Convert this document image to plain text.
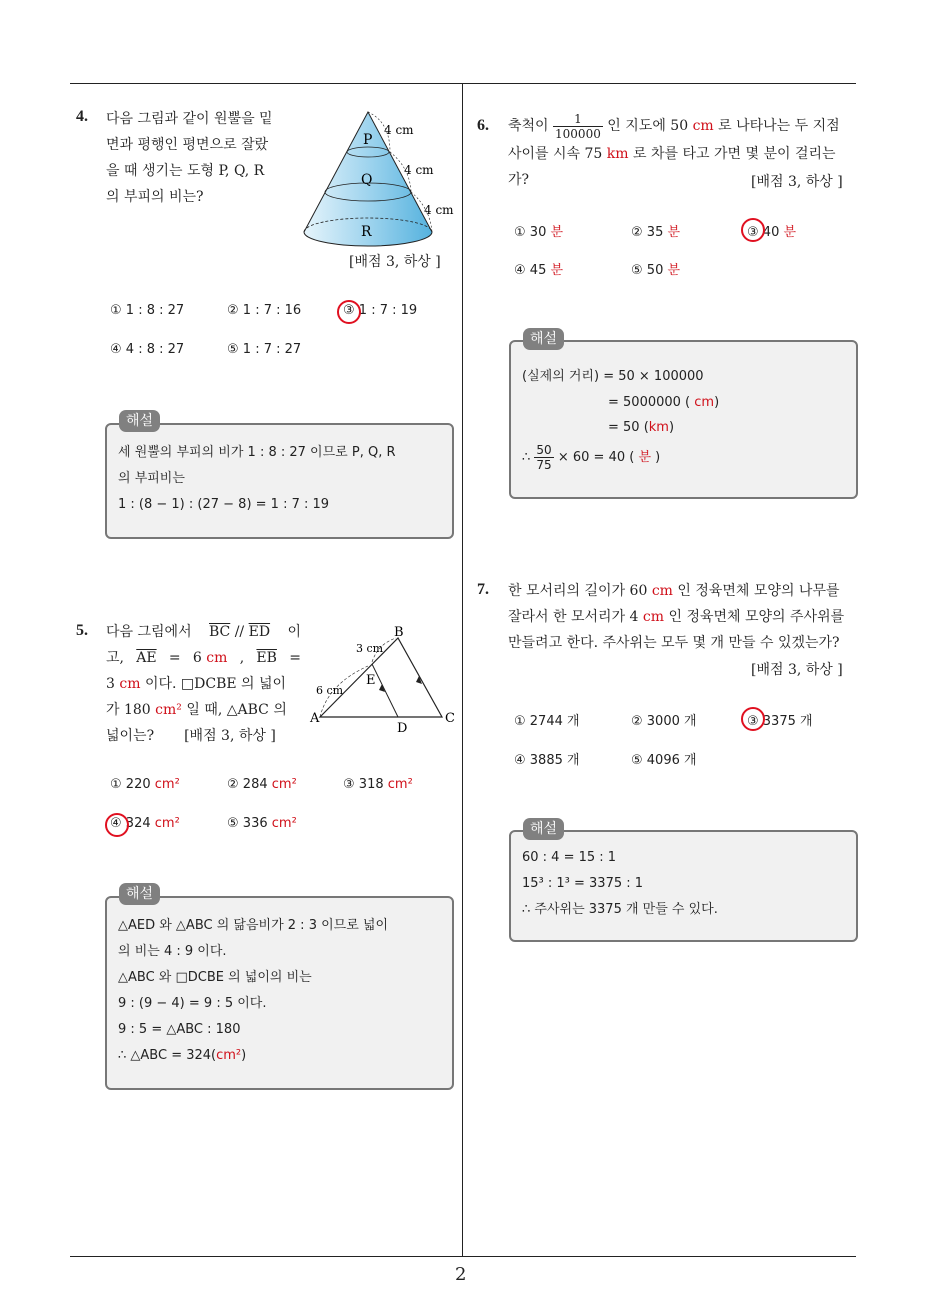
2
4. 다음 그림과 같이 원뿔을 밑
면과 평행인 평면으로 잘랐
을 때 생기는 도형 P, Q, R
의 부피의 비는?
P
Q
R
4 cm
4 cm
4 cm
[배점 3, 하상 ]
① 1 : 8 : 27	② 1 : 7 : 16	③ 1 : 7 : 19
④ 4 : 8 : 27	⑤ 1 : 7 : 27
해설
세 원뿔의 부피의 비가 1 : 8 : 27 이므로 P, Q, R
의 부피비는
1 : (8 − 1) : (27 − 8) = 1 : 7 : 19
5. 다음 그림에서 $\overline{BC} // \overline{ED}$ 이
고, $\overline{AE} = 6$ cm , $\overline{EB}$ =
3 cm 이다. □DCBE 의 넓이
가 180 cm² 일 때, △ABC 의
넓이는? [배점 3, 하상 ]
A
B
C
D
E
3 cm
6 cm
① 220 cm²	② 284 cm²	③ 318 cm²
④ 324 cm²	⑤ 336 cm²
해설
△AED 와 △ABC 의 닮음비가 2 : 3 이므로 넓이
의 비는 4 : 9 이다.
△ABC 와 □DCBE 의 넓이의 비는
9 : (9 − 4) = 9 : 5 이다.
9 : 5 = △ABC : 180
∴ △ABC = 324(cm²)
6. 축척이 $\frac{1}{100000}$ 인 지도에 50 cm 로 나타나는 두 지점
사이를 시속 75 km 로 차를 타고 가면 몇 분이 걸리는
가?	[배점 3, 하상 ]
① 30 분	② 35 분	③ 40 분
④ 45 분	⑤ 50 분
해설
(실제의 거리) = 50 × 100000
= 5000000 ( cm)
= 50 (km)
∴ $\frac{50}{75} \times 60 = 40$ ( 분 )
7. 한 모서리의 길이가 60 cm 인 정육면체 모양의 나무를
잘라서 한 모서리가 4 cm 인 정육면체 모양의 주사위를
만들려고 한다. 주사위는 모두 몇 개 만들 수 있겠는가?
[배점 3, 하상 ]
① 2744 개	② 3000 개	③ 3375 개
④ 3885 개	⑤ 4096 개
해설
60 : 4 = 15 : 1
15³ : 1³ = 3375 : 1
∴ 주사위는 3375 개 만들 수 있다.
